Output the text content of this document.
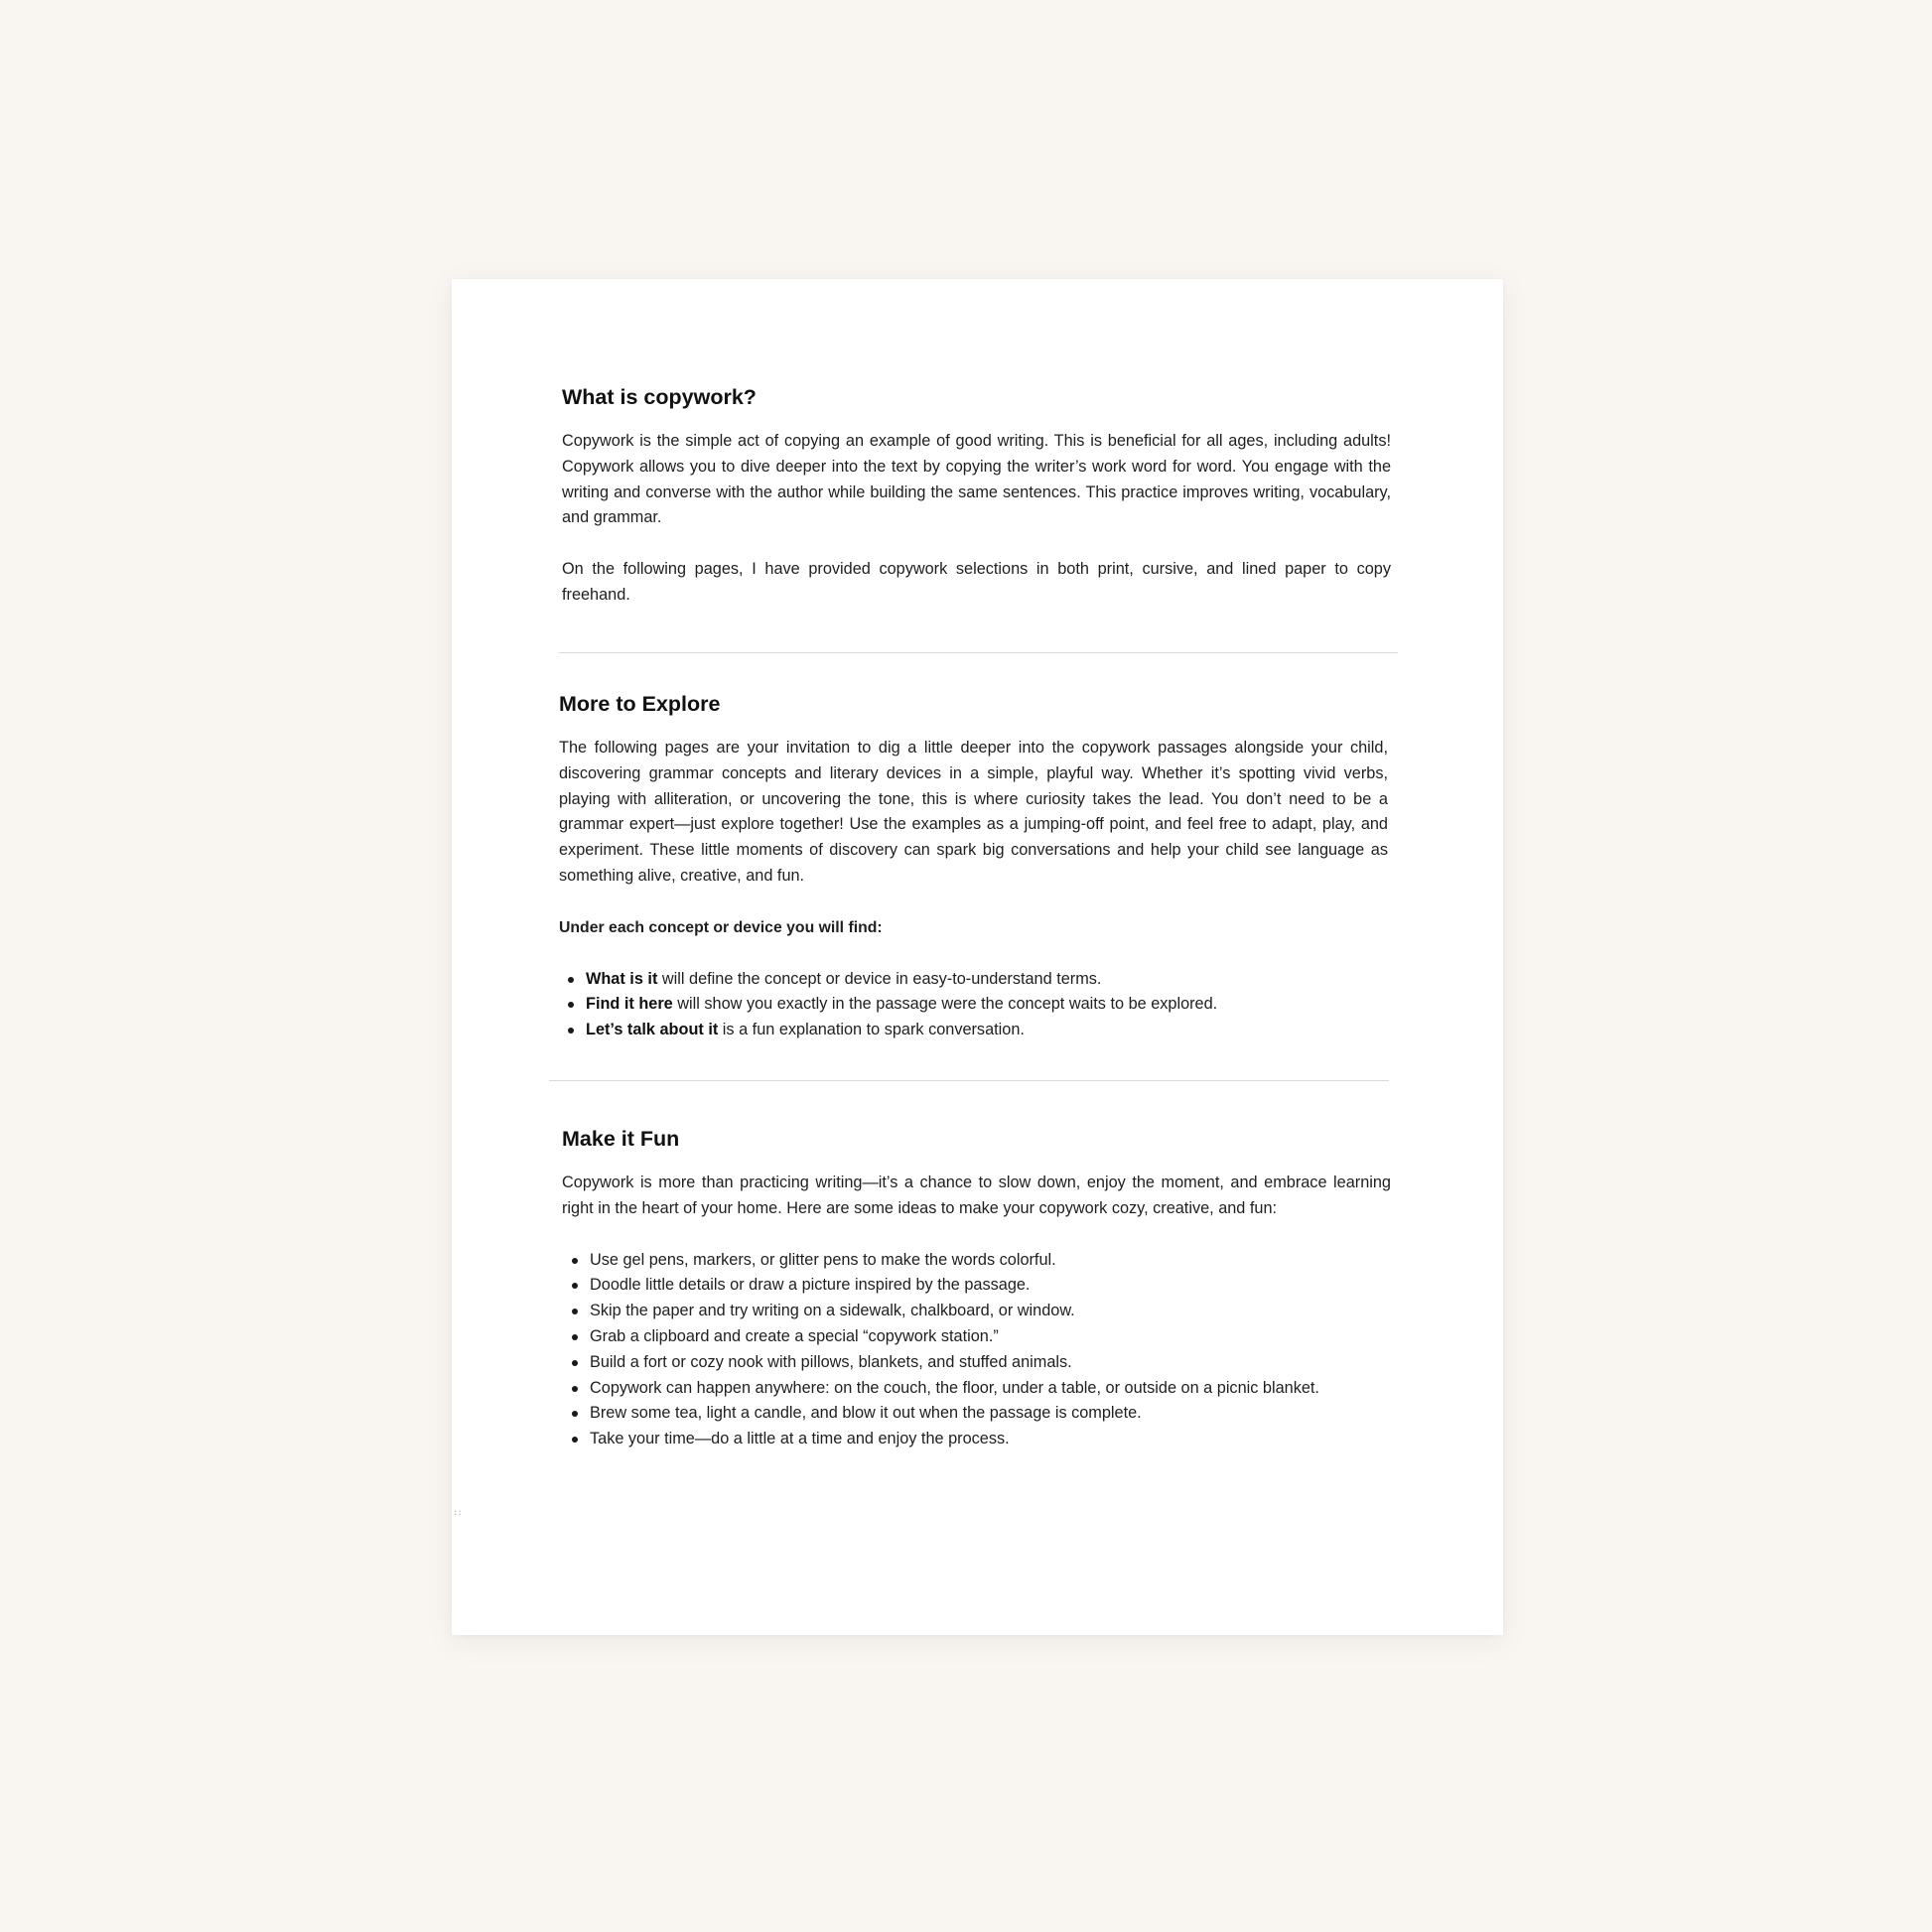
What is copywork?

Copywork is the simple act of copying an example of good writing. This is beneficial for all ages, including adults! Copywork allows you to dive deeper into the text by copying the writer’s work word for word. You engage with the writing and converse with the author while building the same sentences. This practice improves writing, vocabulary, and grammar.

On the following pages, I have provided copywork selections in both print, cursive, and lined paper to copy freehand.

More to Explore

The following pages are your invitation to dig a little deeper into the copywork passages alongside your child, discovering grammar concepts and literary devices in a simple, playful way. Whether it’s spotting vivid verbs, playing with alliteration, or uncovering the tone, this is where curiosity takes the lead. You don’t need to be a grammar expert—just explore together! Use the examples as a jumping-off point, and feel free to adapt, play, and experiment. These little moments of discovery can spark big conversations and help your child see language as something alive, creative, and fun.

Under each concept or device you will find:

What is it will define the concept or device in easy-to-understand terms.
Find it here will show you exactly in the passage were the concept waits to be explored.
Let’s talk about it is a fun explanation to spark conversation.
Make it Fun

Copywork is more than practicing writing—it’s a chance to slow down, enjoy the moment, and embrace learning right in the heart of your home. Here are some ideas to make your copywork cozy, creative, and fun:

Use gel pens, markers, or glitter pens to make the words colorful.
Doodle little details or draw a picture inspired by the passage.
Skip the paper and try writing on a sidewalk, chalkboard, or window.
Grab a clipboard and create a special “copywork station.”
Build a fort or cozy nook with pillows, blankets, and stuffed animals.
Copywork can happen anywhere: on the couch, the floor, under a table, or outside on a picnic blanket.
Brew some tea, light a candle, and blow it out when the passage is complete.
Take your time—do a little at a time and enjoy the process.
::
